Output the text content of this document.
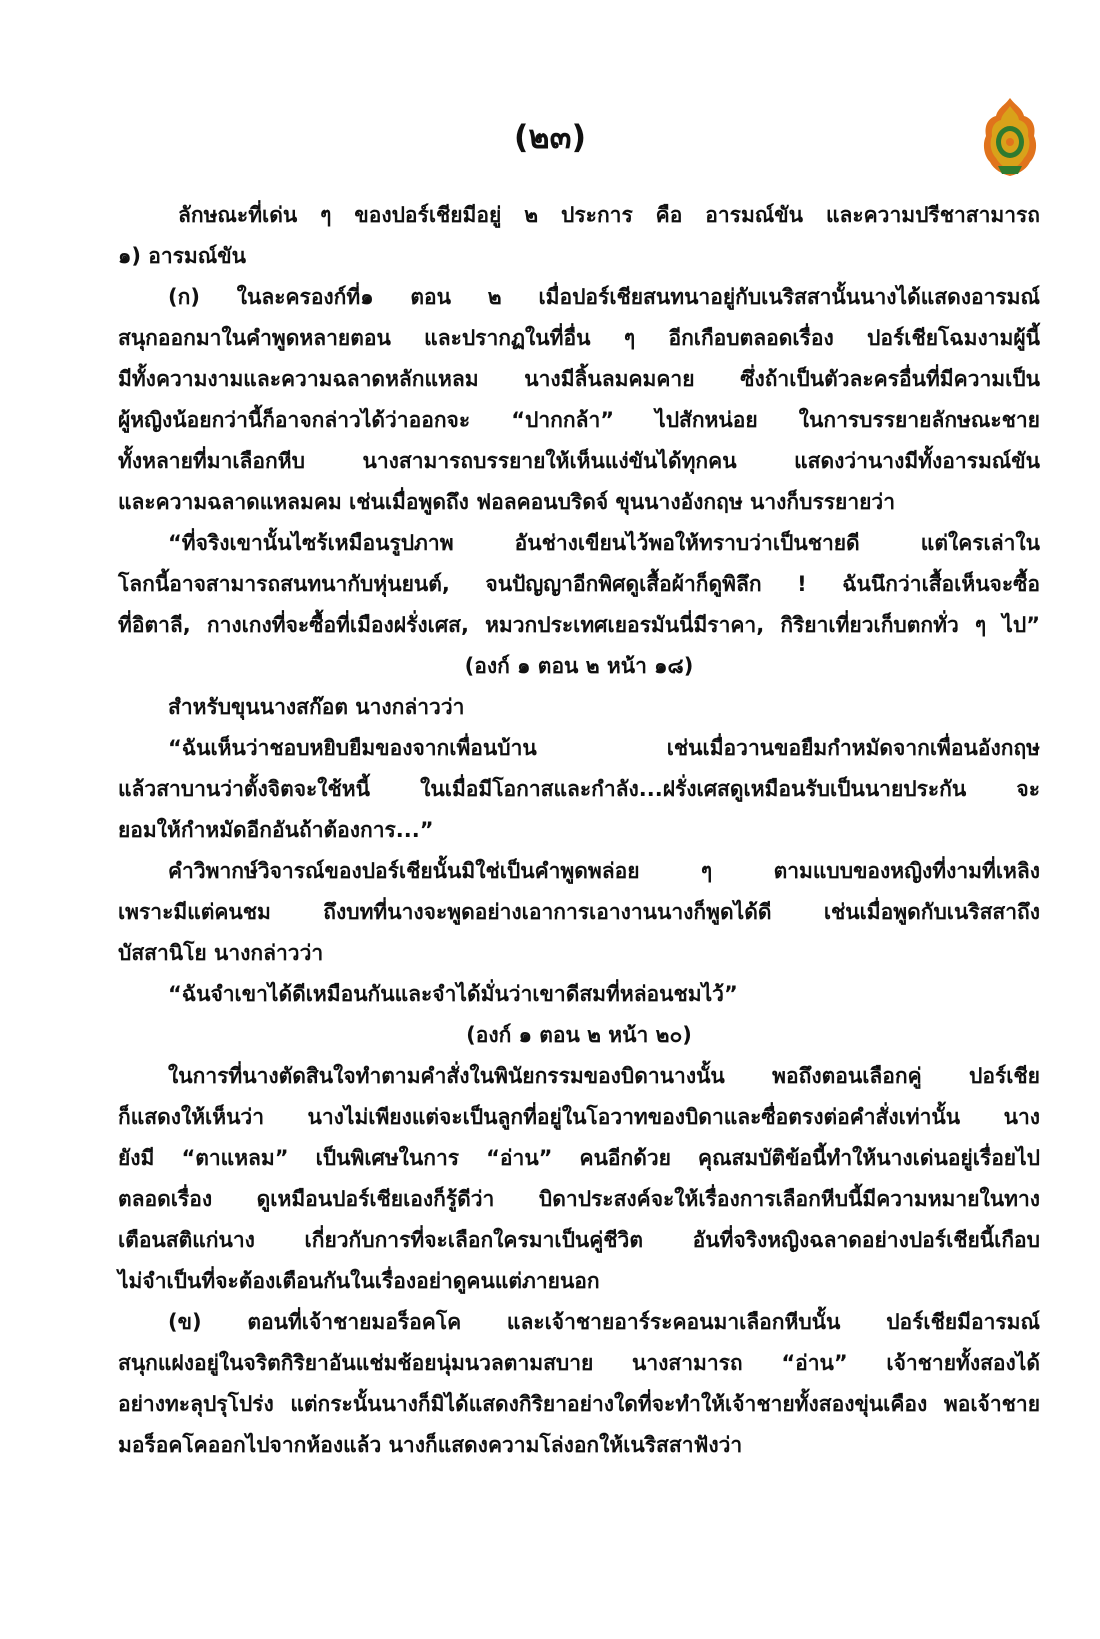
(๒๓)
ลักษณะที่เด่น ๆ ของปอร์เชียมีอยู่ ๒ ประการ คือ อารมณ์ขัน และความปรีชาสามารถ
๑) อารมณ์ขัน
(ก) ในละครองก์ที่๑ ตอน ๒ เมื่อปอร์เชียสนทนาอยู่กับเนริสสานั้นนางได้แสดงอารมณ์
สนุกออกมาในคำพูดหลายตอน และปรากฏในที่อื่น ๆ อีกเกือบตลอดเรื่อง ปอร์เชียโฉมงามผู้นี้
มีทั้งความงามและความฉลาดหลักแหลม นางมีลิ้นลมคมคาย ซึ่งถ้าเป็นตัวละครอื่นที่มีความเป็น
ผู้หญิงน้อยกว่านี้ก็อาจกล่าวได้ว่าออกจะ “ปากกล้า” ไปสักหน่อย ในการบรรยายลักษณะชาย
ทั้งหลายที่มาเลือกหีบ นางสามารถบรรยายให้เห็นแง่ขันได้ทุกคน แสดงว่านางมีทั้งอารมณ์ขัน
และความฉลาดแหลมคม เช่นเมื่อพูดถึง ฟอลคอนบริดจ์ ขุนนางอังกฤษ นางก็บรรยายว่า
“ที่จริงเขานั้นไซร้เหมือนรูปภาพ อันช่างเขียนไว้พอให้ทราบว่าเป็นชายดี แต่ใครเล่าใน
โลกนี้อาจสามารถสนทนากับหุ่นยนต์, จนปัญญาอีกพิศดูเสื้อผ้าก็ดูพิลึก ! ฉันนึกว่าเสื้อเห็นจะซื้อ
ที่อิตาลี, กางเกงที่จะซื้อที่เมืองฝรั่งเศส, หมวกประเทศเยอรมันนี่มีราคา, กิริยาเที่ยวเก็บตกทั่ว ๆ ไป”
(องก์ ๑ ตอน ๒ หน้า ๑๘)
สำหรับขุนนางสก๊อต นางกล่าวว่า
“ฉันเห็นว่าชอบหยิบยืมของจากเพื่อนบ้าน เช่นเมื่อวานขอยืมกำหมัดจากเพื่อนอังกฤษ
แล้วสาบานว่าตั้งจิตจะใช้หนี้ ในเมื่อมีโอกาสและกำลัง...ฝรั่งเศสดูเหมือนรับเป็นนายประกัน จะ
ยอมให้กำหมัดอีกอันถ้าต้องการ...”
คำวิพากษ์วิจารณ์ของปอร์เชียนั้นมิใช่เป็นคำพูดพล่อย ๆ ตามแบบของหญิงที่งามที่เหลิง
เพราะมีแต่คนชม ถึงบทที่นางจะพูดอย่างเอาการเอางานนางก็พูดได้ดี เช่นเมื่อพูดกับเนริสสาถึง
บัสสานิโย นางกล่าวว่า
“ฉันจำเขาได้ดีเหมือนกันและจำได้มั่นว่าเขาดีสมที่หล่อนชมไว้”
(องก์ ๑ ตอน ๒ หน้า ๒๐)
ในการที่นางตัดสินใจทำตามคำสั่งในพินัยกรรมของบิดานางนั้น พอถึงตอนเลือกคู่ ปอร์เชีย
ก็แสดงให้เห็นว่า นางไม่เพียงแต่จะเป็นลูกที่อยู่ในโอวาทของบิดาและซื่อตรงต่อคำสั่งเท่านั้น นาง
ยังมี “ตาแหลม” เป็นพิเศษในการ “อ่าน” คนอีกด้วย คุณสมบัติข้อนี้ทำให้นางเด่นอยู่เรื่อยไป
ตลอดเรื่อง ดูเหมือนปอร์เชียเองก็รู้ดีว่า บิดาประสงค์จะให้เรื่องการเลือกหีบนี้มีความหมายในทาง
เตือนสติแก่นาง เกี่ยวกับการที่จะเลือกใครมาเป็นคู่ชีวิต อันที่จริงหญิงฉลาดอย่างปอร์เชียนี้เกือบ
ไม่จำเป็นที่จะต้องเตือนกันในเรื่องอย่าดูคนแต่ภายนอก
(ข) ตอนที่เจ้าชายมอร็อคโค และเจ้าชายอาร์ระคอนมาเลือกหีบนั้น ปอร์เชียมีอารมณ์
สนุกแฝงอยู่ในจริตกิริยาอันแช่มช้อยนุ่มนวลตามสบาย นางสามารถ “อ่าน” เจ้าชายทั้งสองได้
อย่างทะลุปรุโปร่ง แต่กระนั้นนางก็มิได้แสดงกิริยาอย่างใดที่จะทำให้เจ้าชายทั้งสองขุ่นเคือง พอเจ้าชาย
มอร็อคโคออกไปจากห้องแล้ว นางก็แสดงความโล่งอกให้เนริสสาฟังว่า
